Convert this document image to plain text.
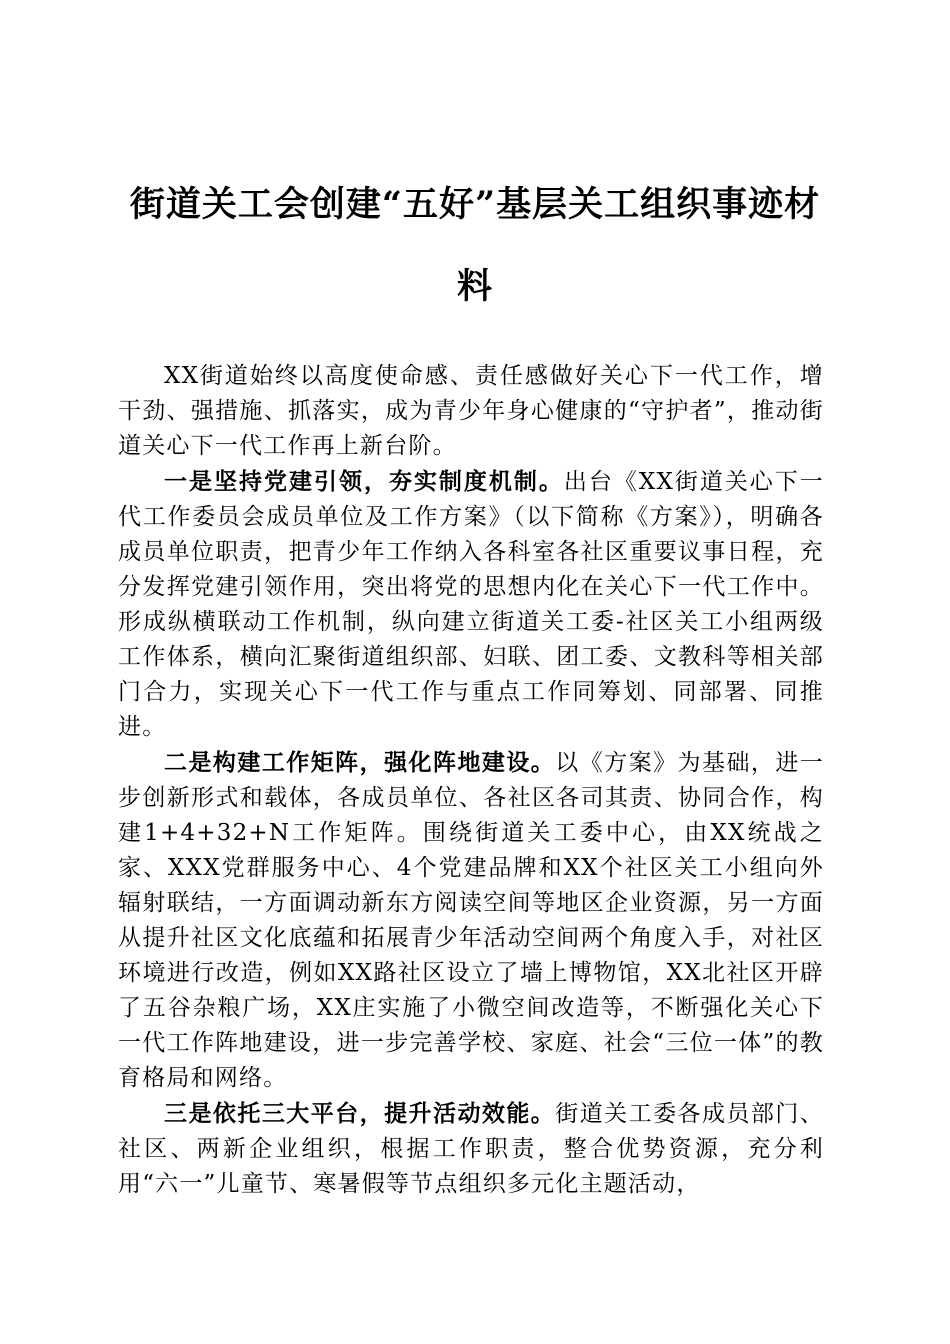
街道关工会创建“五好”基层关工组织事迹材料

XX街道始终以高度使命感、责任感做好关心下一代工作，增干劲、强措施、抓落实，成为青少年身心健康的“守护者”，推动街道关心下一代工作再上新台阶。

一是坚持党建引领，夯实制度机制。出台《XX街道关心下一代工作委员会成员单位及工作方案》（以下简称《方案》），明确各成员单位职责，把青少年工作纳入各科室各社区重要议事日程，充分发挥党建引领作用，突出将党的思想内化在关心下一代工作中。形成纵横联动工作机制，纵向建立街道关工委-社区关工小组两级工作体系，横向汇聚街道组织部、妇联、团工委、文教科等相关部门合力，实现关心下一代工作与重点工作同筹划、同部署、同推进。

二是构建工作矩阵，强化阵地建设。以《方案》为基础，进一步创新形式和载体，各成员单位、各社区各司其责、协同合作，构建1+4+32+N工作矩阵。围绕街道关工委中心，由XX统战之家、XXX党群服务中心、4个党建品牌和XX个社区关工小组向外辐射联结，一方面调动新东方阅读空间等地区企业资源，另一方面从提升社区文化底蕴和拓展青少年活动空间两个角度入手，对社区环境进行改造，例如XX路社区设立了墙上博物馆，XX北社区开辟了五谷杂粮广场，XX庄实施了小微空间改造等，不断强化关心下一代工作阵地建设，进一步完善学校、家庭、社会“三位一体”的教育格局和网络。

三是依托三大平台，提升活动效能。街道关工委各成员部门、社区、两新企业组织，根据工作职责，整合优势资源，充分利用“六一”儿童节、寒暑假等节点组织多元化主题活动，
